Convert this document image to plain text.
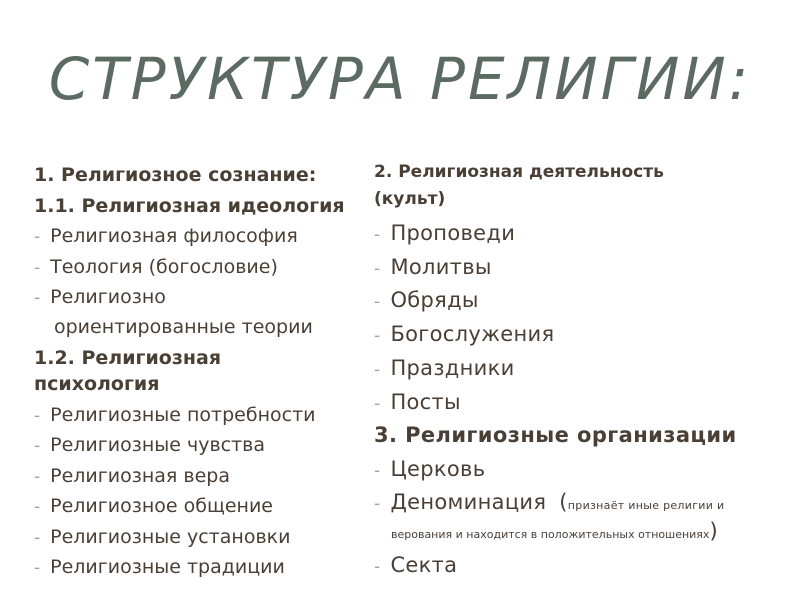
СТРУКТУРА РЕЛИГИИ:
1. Религиозное сознание:
1.1. Религиозная идеология
- Религиозная философия
- Теология (богословие)
- Религиозно
ориентированные теории
1.2. Религиозная
психология
- Религиозные потребности
- Религиозные чувства
- Религиозная вера
- Религиозное общение
- Религиозные установки
- Религиозные традиции
2. Религиозная деятельность
(культ)
- Проповеди
- Молитвы
- Обряды
- Богослужения
- Праздники
- Посты
3. Религиозные организации
- Церковь
- Деноминация (признаёт иные религии и
верования и находится в положительных отношениях)
- Секта
